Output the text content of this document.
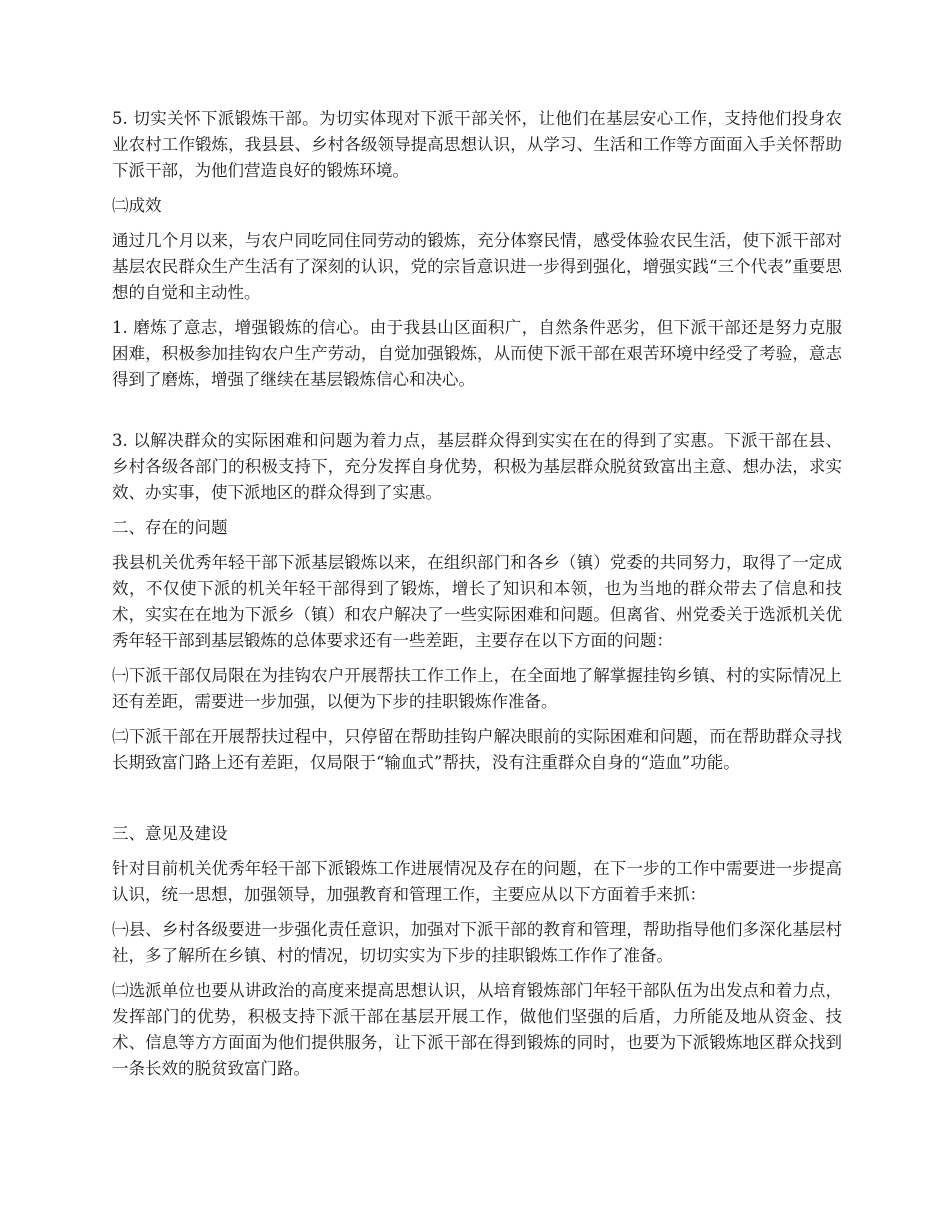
5. 切实关怀下派锻炼干部。为切实体现对下派干部关怀，让他们在基层安心工作，支持他们投身农业农村工作锻炼，我县县、乡村各级领导提高思想认识，从学习、生活和工作等方面面入手关怀帮助下派干部，为他们营造良好的锻炼环境。

㈡成效

通过几个月以来，与农户同吃同住同劳动的锻炼，充分体察民情，感受体验农民生活，使下派干部对基层农民群众生产生活有了深刻的认识，党的宗旨意识进一步得到强化，增强实践“三个代表”重要思想的自觉和主动性。

1. 磨炼了意志，增强锻炼的信心。由于我县山区面积广，自然条件恶劣，但下派干部还是努力克服困难，积极参加挂钩农户生产劳动，自觉加强锻炼，从而使下派干部在艰苦环境中经受了考验，意志得到了磨炼，增强了继续在基层锻炼信心和决心。

3. 以解决群众的实际困难和问题为着力点，基层群众得到实实在在的得到了实惠。下派干部在县、乡村各级各部门的积极支持下，充分发挥自身优势，积极为基层群众脱贫致富出主意、想办法，求实效、办实事，使下派地区的群众得到了实惠。

二、存在的问题

我县机关优秀年轻干部下派基层锻炼以来，在组织部门和各乡（镇）党委的共同努力，取得了一定成效，不仅使下派的机关年轻干部得到了锻炼，增长了知识和本领，也为当地的群众带去了信息和技术，实实在在地为下派乡（镇）和农户解决了一些实际困难和问题。但离省、州党委关于选派机关优秀年轻干部到基层锻炼的总体要求还有一些差距，主要存在以下方面的问题：

㈠下派干部仅局限在为挂钩农户开展帮扶工作工作上，在全面地了解掌握挂钩乡镇、村的实际情况上还有差距，需要进一步加强，以便为下步的挂职锻炼作准备。

㈡下派干部在开展帮扶过程中，只停留在帮助挂钩户解决眼前的实际困难和问题，而在帮助群众寻找长期致富门路上还有差距，仅局限于“输血式”帮扶，没有注重群众自身的“造血”功能。

三、意见及建设

针对目前机关优秀年轻干部下派锻炼工作进展情况及存在的问题，在下一步的工作中需要进一步提高认识，统一思想，加强领导，加强教育和管理工作，主要应从以下方面着手来抓：

㈠县、乡村各级要进一步强化责任意识，加强对下派干部的教育和管理，帮助指导他们多深化基层村社，多了解所在乡镇、村的情况，切切实实为下步的挂职锻炼工作作了准备。

㈡选派单位也要从讲政治的高度来提高思想认识，从培育锻炼部门年轻干部队伍为出发点和着力点，发挥部门的优势，积极支持下派干部在基层开展工作，做他们坚强的后盾，力所能及地从资金、技术、信息等方方面面为他们提供服务，让下派干部在得到锻炼的同时，也要为下派锻炼地区群众找到一条长效的脱贫致富门路。
